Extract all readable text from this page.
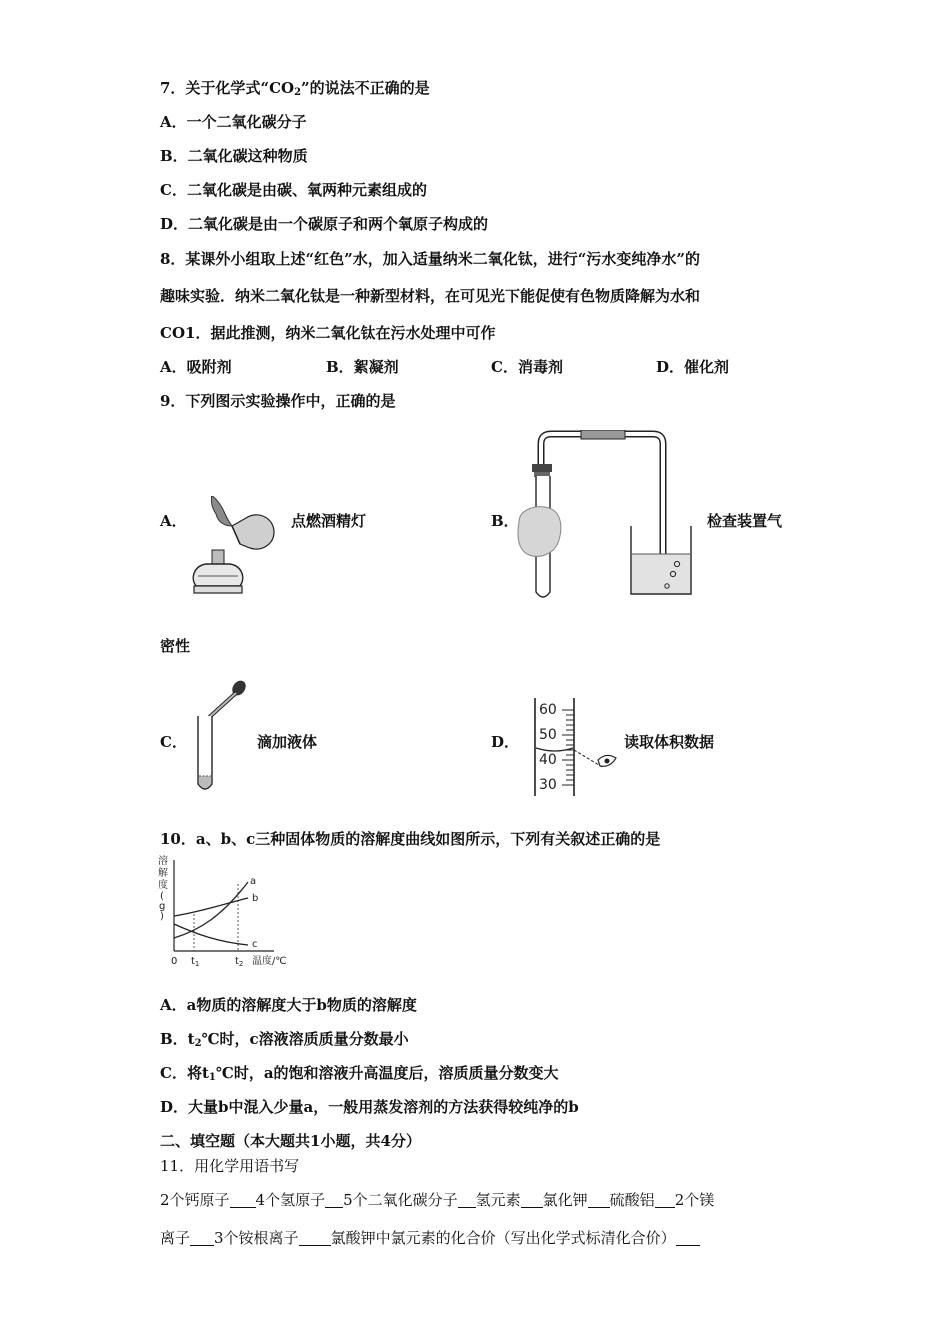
7．关于化学式“$CO_2$”的说法不正确的是
A．一个二氧化碳分子
B．二氧化碳这种物质
C．二氧化碳是由碳、氧两种元素组成的
D．二氧化碳是由一个碳原子和两个氧原子构成的
8．某课外小组取上述“红色”水，加入适量纳米二氧化钛，进行“污水变纯净水”的
趣味实验．纳米二氧化钛是一种新型材料，在可见光下能促使有色物质降解为水和
CO1．据此推测，纳米二氧化钛在污水处理中可作
A．吸附剂	B．絮凝剂	C．消毒剂	D．催化剂
9．下列图示实验操作中，正确的是
A．	点燃酒精灯	B．	检查装置气
密性
C．	滴加液体	D．
60
50
40
30
读取体积数据
10．a、b、c三种固体物质的溶解度曲线如图所示，下列有关叙述正确的是
溶
解
度
(
g
)
a
b
c
0 $t_1$	$t_2$ 温度/℃
A．a物质的溶解度大于b物质的溶解度
B．$t_2℃$时，c溶液溶质质量分数最小
C．将$t_1℃$时，a的饱和溶液升高温度后，溶质质量分数变大
D．大量b中混入少量a，一般用蒸发溶剂的方法获得较纯净的b
二、填空题（本大题共1小题，共4分）
11．用化学用语书写
2个钙原子 4个氢原子 5个二氧化碳分子 氢元素 氯化钾 硫酸铝 2个镁
离子 3个铵根离子 氯酸钾中氯元素的化合价（写出化学式标清化合价）
